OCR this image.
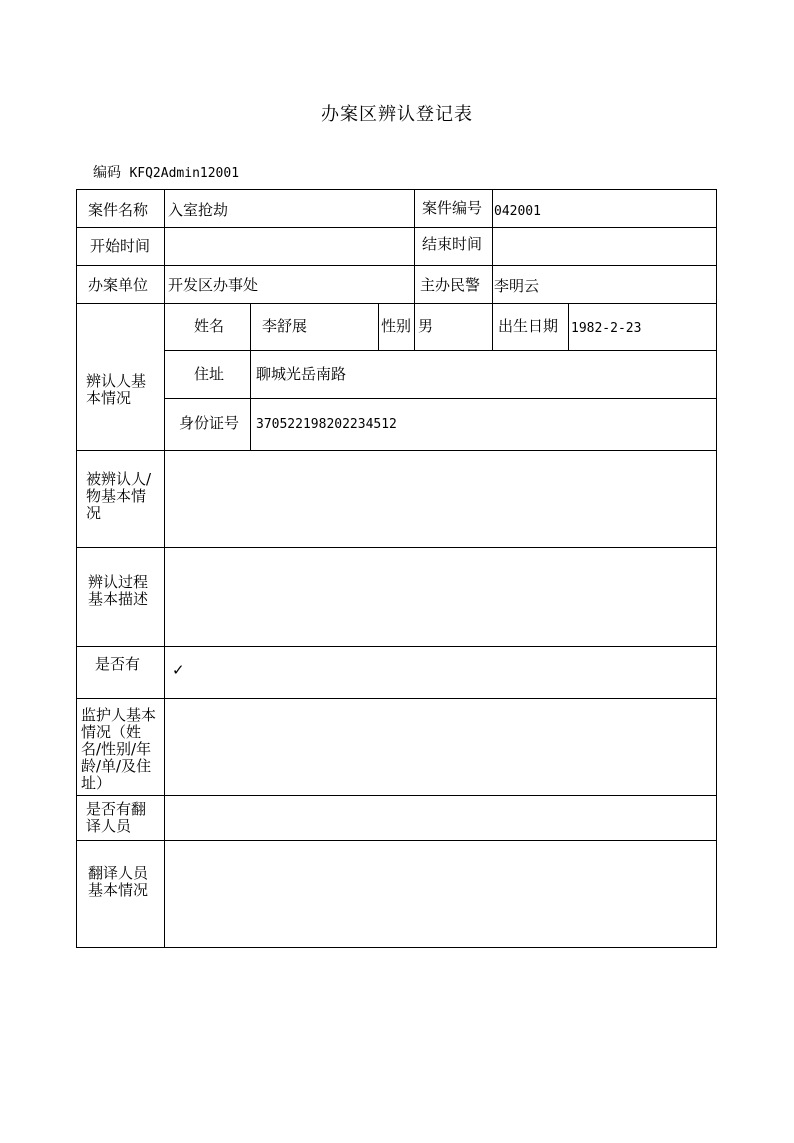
办案区辨认登记表
编码 KFQ2Admin12001
案件名称 入室抢劫	案件编号 042001
开始时间	结束时间
办案单位 开发区办事处	主办民警 李明云
辨认人基本情况
姓名	李舒展	性别 男	出生日期 1982-2-23
住址 聊城光岳南路
身份证号 370522198202234512
被辨认人/物基本情况
辨认过程基本描述
是否有 ✓
监护人基本情况（姓名/性别/年龄/单/及住址）
是否有翻译人员
翻译人员基本情况
